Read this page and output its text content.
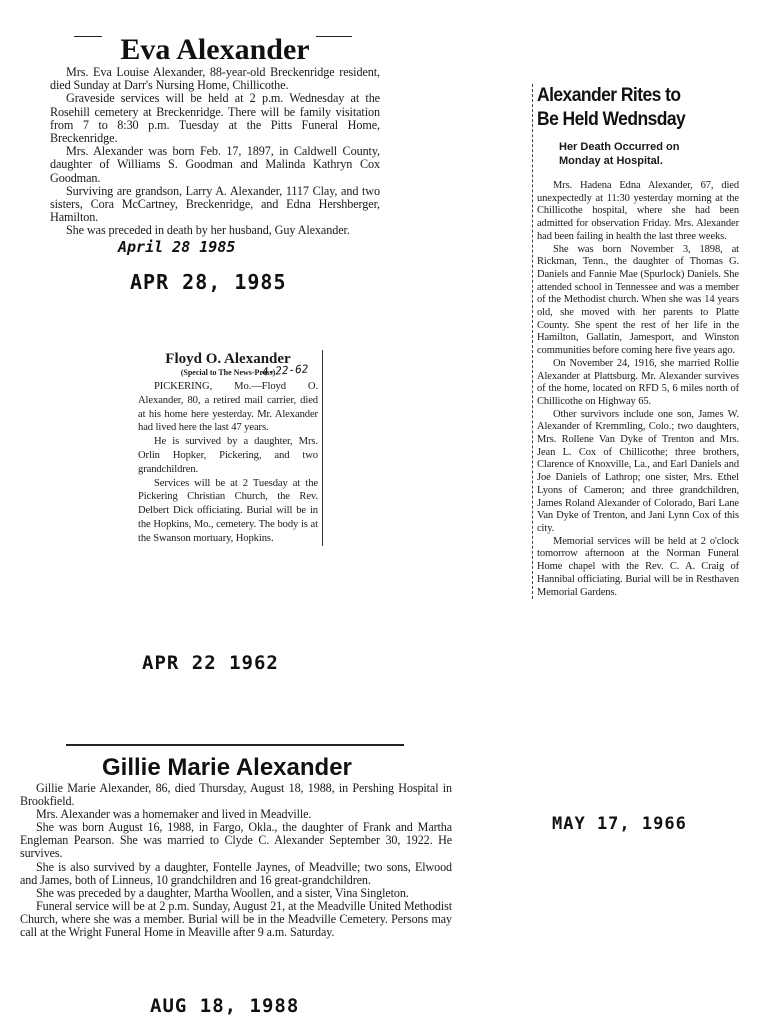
Eva Alexander

Mrs. Eva Louise Alexander, 88-year-old Breckenridge resident, died Sunday at Darr's Nursing Home, Chillicothe.

Graveside services will be held at 2 p.m. Wednesday at the Rosehill cemetery at Breckenridge. There will be family visitation from 7 to 8:30 p.m. Tuesday at the Pitts Funeral Home, Breckenridge.

Mrs. Alexander was born Feb. 17, 1897, in Caldwell County, daughter of Williams S. Goodman and Malinda Kathryn Cox Goodman.

Surviving are grandson, Larry A. Alexander, 1117 Clay, and two sisters, Cora McCartney, Breckenridge, and Edna Hershberger, Hamilton.

She was preceded in death by her husband, Guy Alexander.

April 28 1985
APR 28, 1985
Floyd O. Alexander
(Special to The News-Press)

PICKERING, Mo.—Floyd O. Alexander, 80, a retired mail carrier, died at his home here yesterday. Mr. Alexander had lived here the last 47 years.

He is survived by a daughter, Mrs. Orlin Hopker, Pickering, and two grandchildren.

Services will be at 2 Tuesday at the Pickering Christian Church, the Rev. Delbert Dick officiating. Burial will be in the Hopkins, Mo., cemetery. The body is at the Swanson mortuary, Hopkins.

4-22-62
APR 22 1962
Alexander Rites to
Be Held Wednsday
Her Death Occurred on
Monday at Hospital.

Mrs. Hadena Edna Alexander, 67, died unexpectedly at 11:30 yesterday morning at the Chillicothe hospital, where she had been admitted for observation Friday. Mrs. Alexander had been failing in health the last three weeks.

She was born November 3, 1898, at Rickman, Tenn., the daughter of Thomas G. Daniels and Fannie Mae (Spurlock) Daniels. She attended school in Tennessee and was a member of the Methodist church. When she was 14 years old, she moved with her parents to Platte County. She spent the rest of her life in the Hamilton, Gallatin, Jamesport, and Winston communities before coming here five years ago.

On November 24, 1916, she married Rollie Alexander at Plattsburg. Mr. Alexander survives of the home, located on RFD 5, 6 miles north of Chillicothe on Highway 65.

Other survivors include one son, James W. Alexander of Kremmling, Colo.; two daughters, Mrs. Rollene Van Dyke of Trenton and Mrs. Jean L. Cox of Chillicothe; three brothers, Clarence of Knoxville, La., and Earl Daniels and Joe Daniels of Lathrop; one sister, Mrs. Ethel Lyons of Cameron; and three grandchildren, James Roland Alexander of Colorado, Bari Lane Van Dyke of Trenton, and Jani Lynn Cox of this city.

Memorial services will be held at 2 o'clock tomorrow afternoon at the Norman Funeral Home chapel with the Rev. C. A. Craig of Hannibal officiating. Burial will be in Resthaven Memorial Gardens.

MAY 17, 1966
Gillie Marie Alexander

Gillie Marie Alexander, 86, died Thursday, August 18, 1988, in Pershing Hospital in Brookfield.

Mrs. Alexander was a homemaker and lived in Meadville.

She was born August 16, 1988, in Fargo, Okla., the daughter of Frank and Martha Engleman Pearson. She was married to Clyde C. Alexander September 30, 1922. He survives.

She is also survived by a daughter, Fontelle Jaynes, of Meadville; two sons, Elwood and James, both of Linneus, 10 grandchildren and 16 great-grandchildren.

She was preceded by a daughter, Martha Woollen, and a sister, Vina Singleton.

Funeral service will be at 2 p.m. Sunday, August 21, at the Meadville United Methodist Church, where she was a member. Burial will be in the Meadville Cemetery. Persons may call at the Wright Funeral Home in Meaville after 9 a.m. Saturday.

AUG 18, 1988
